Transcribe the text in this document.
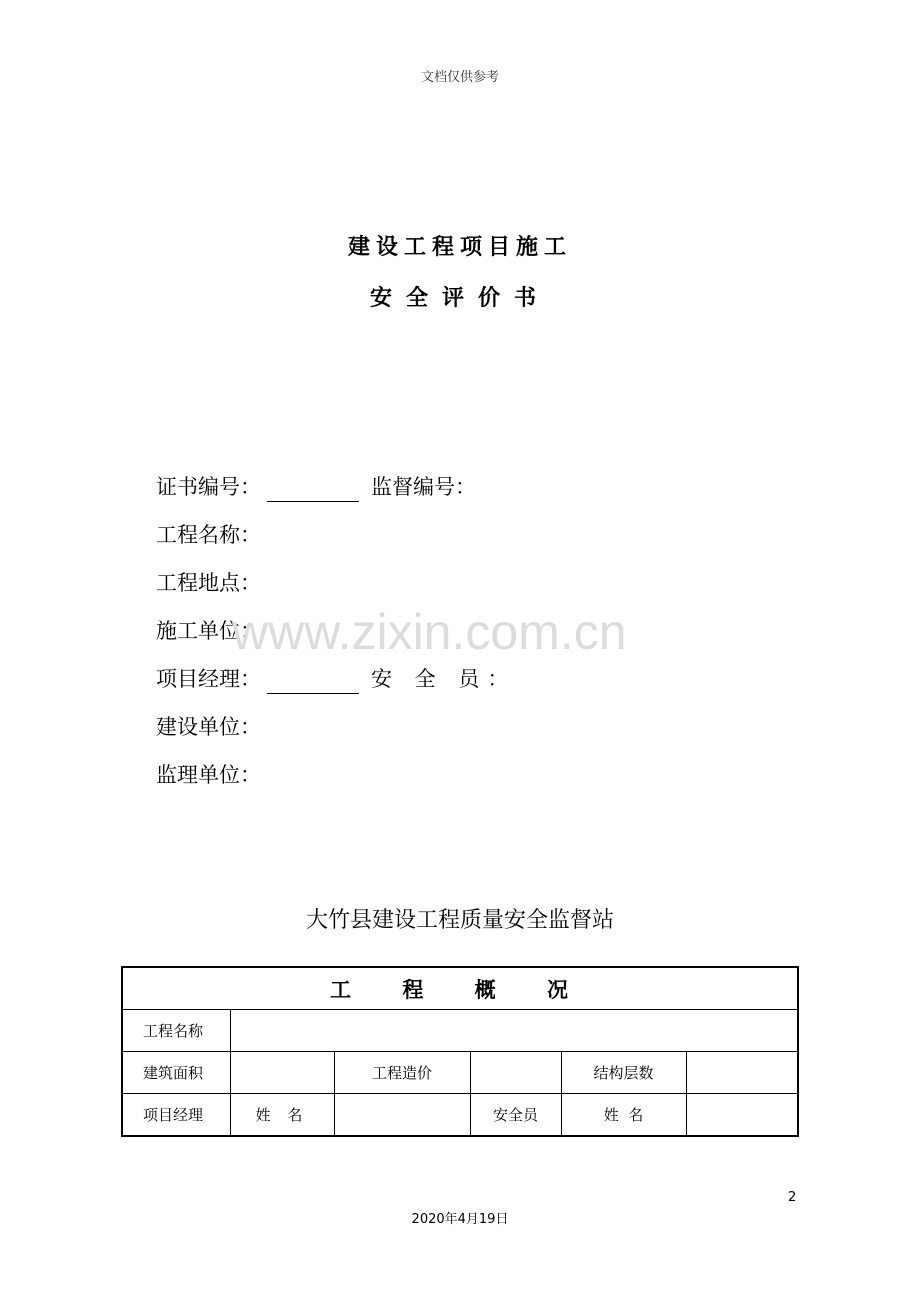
文档仅供参考
建设工程项目施工
安全评价书
证书编号：	监督编号：
工程名称：
工程地点：
施工单位：
项目经理：	安 全 员：
建设单位：
监理单位：
www.zixin.com.cn
大竹县建设工程质量安全监督站
工 程 概 况					
工程名称					
建筑面积		工程造价		结构层数	
项目经理	姓 名		安全员	姓  名	
2
2020年4月19日
